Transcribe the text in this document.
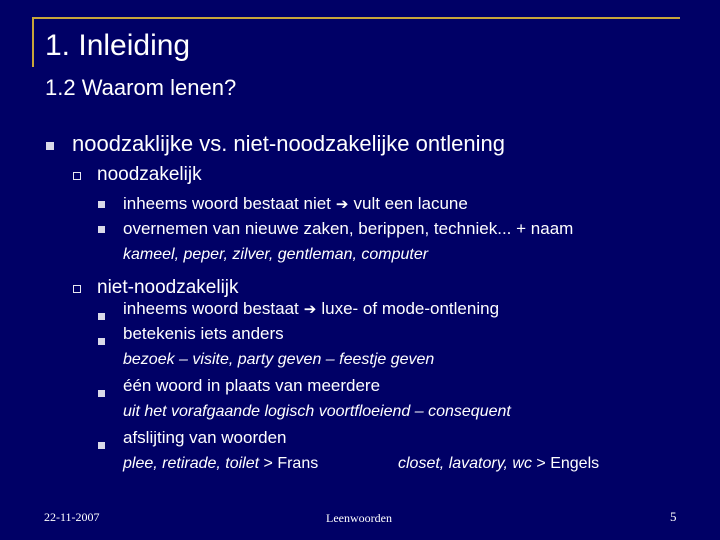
1. Inleiding
1.2 Waarom lenen?
noodzaklijke vs. niet-noodzakelijke ontlening
noodzakelijk
inheems woord bestaat niet ➔ vult een lacune
overnemen van nieuwe zaken, berippen, techniek... + naam
kameel, peper, zilver, gentleman, computer
niet-noodzakelijk
inheems woord bestaat ➔ luxe- of mode-ontlening
betekenis iets anders
bezoek – visite, party geven – feestje geven
één woord in plaats van meerdere
uit het vorafgaande logisch voortfloeiend – consequent
afslijting van woorden
plee, retirade, toilet > Frans	closet, lavatory, wc > Engels
22-11-2007	Leenwoorden	5
